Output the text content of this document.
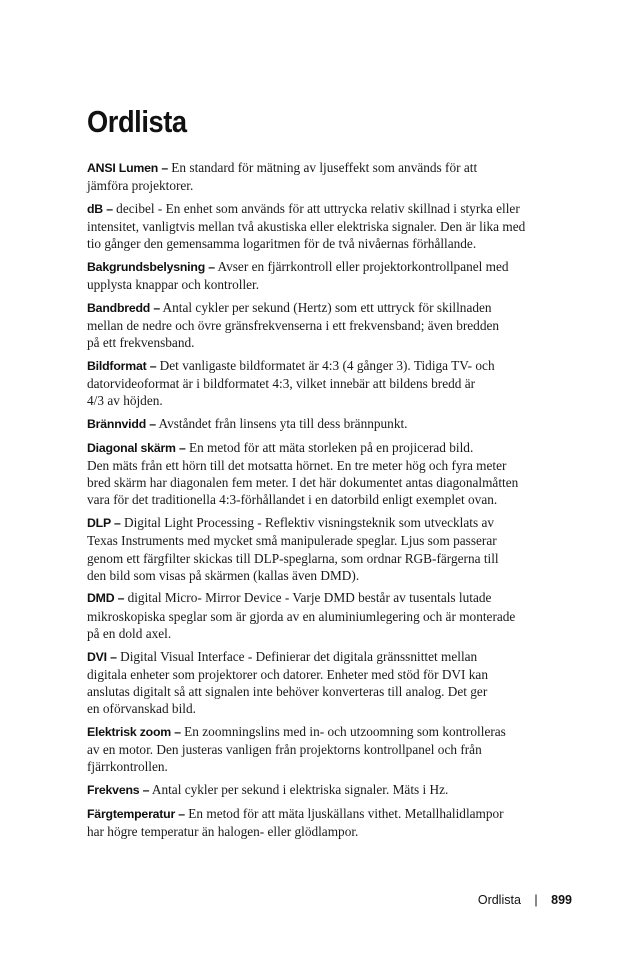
Ordlista
ANSI Lumen – En standard för mätning av ljuseffekt som används för att
jämföra projektorer.
dB – decibel - En enhet som används för att uttrycka relativ skillnad i styrka eller
intensitet, vanligtvis mellan två akustiska eller elektriska signaler. Den är lika med
tio gånger den gemensamma logaritmen för de två nivåernas förhållande.
Bakgrundsbelysning – Avser en fjärrkontroll eller projektorkontrollpanel med
upplysta knappar och kontroller.
Bandbredd – Antal cykler per sekund (Hertz) som ett uttryck för skillnaden
mellan de nedre och övre gränsfrekvenserna i ett frekvensband; även bredden
på ett frekvensband.
Bildformat – Det vanligaste bildformatet är 4:3 (4 gånger 3). Tidiga TV- och
datorvideoformat är i bildformatet 4:3, vilket innebär att bildens bredd är
4/3 av höjden.
Brännvidd – Avståndet från linsens yta till dess brännpunkt.
Diagonal skärm – En metod för att mäta storleken på en projicerad bild.
Den mäts från ett hörn till det motsatta hörnet. En tre meter hög och fyra meter
bred skärm har diagonalen fem meter. I det här dokumentet antas diagonalmåtten
vara för det traditionella 4:3-förhållandet i en datorbild enligt exemplet ovan.
DLP – Digital Light Processing - Reflektiv visningsteknik som utvecklats av
Texas Instruments med mycket små manipulerade speglar. Ljus som passerar
genom ett färgfilter skickas till DLP-speglarna, som ordnar RGB-färgerna till
den bild som visas på skärmen (kallas även DMD).
DMD – digital Micro- Mirror Device - Varje DMD består av tusentals lutade
mikroskopiska speglar som är gjorda av en aluminiumlegering och är monterade
på en dold axel.
DVI – Digital Visual Interface - Definierar det digitala gränssnittet mellan
digitala enheter som projektorer och datorer. Enheter med stöd för DVI kan
anslutas digitalt så att signalen inte behöver konverteras till analog. Det ger
en oförvanskad bild.
Elektrisk zoom – En zoomningslins med in- och utzoomning som kontrolleras
av en motor. Den justeras vanligen från projektorns kontrollpanel och från
fjärrkontrollen.
Frekvens – Antal cykler per sekund i elektriska signaler. Mäts i Hz.
Färgtemperatur – En metod för att mäta ljuskällans vithet. Metallhalidlampor
har högre temperatur än halogen- eller glödlampor.
Ordlista | 899
